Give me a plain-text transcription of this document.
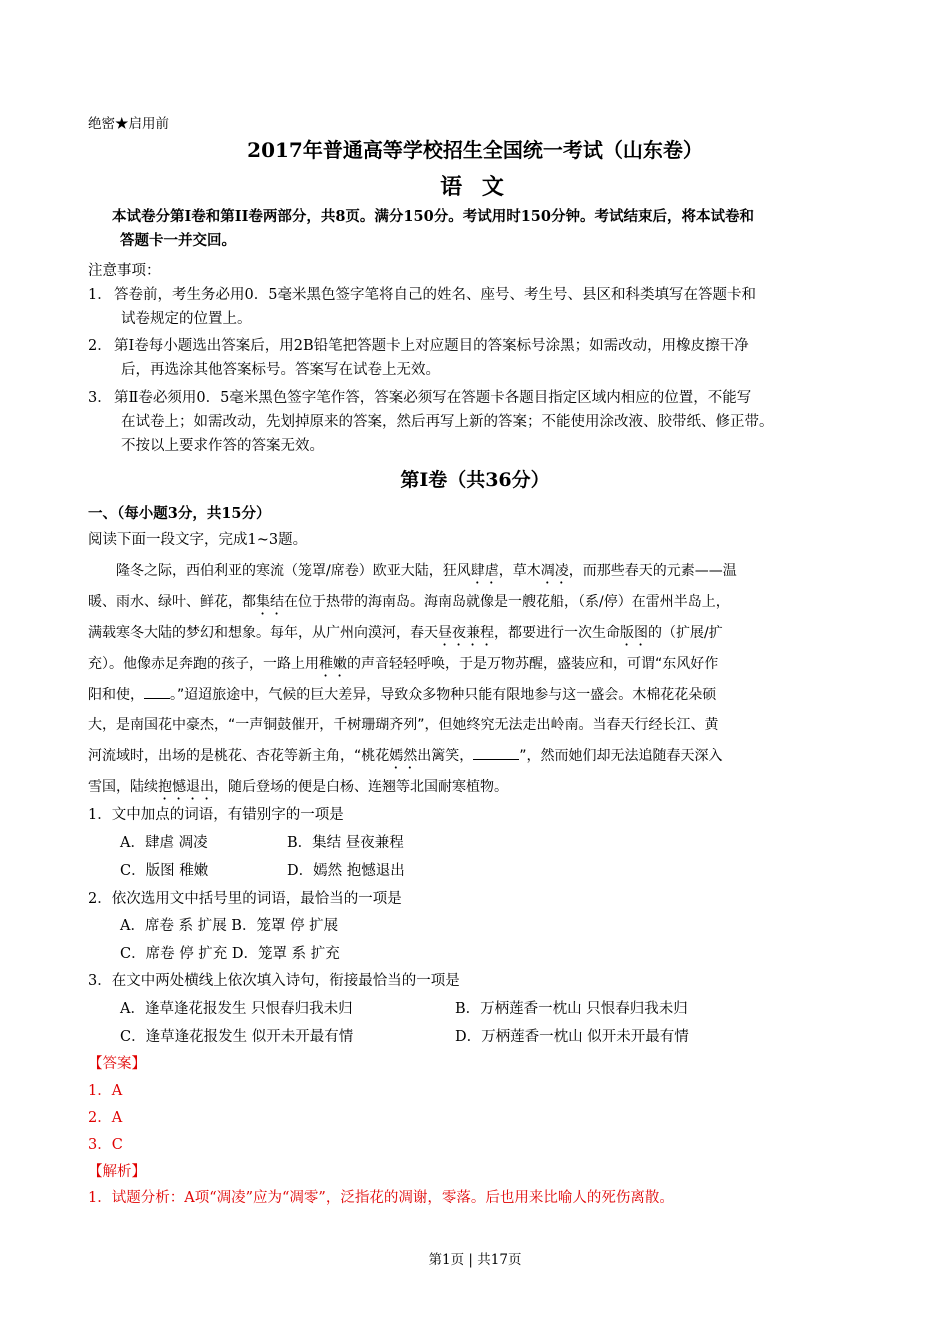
绝密★启用前
2017年普通高等学校招生全国统一考试（山东卷）
语 文
本试卷分第I卷和第II卷两部分，共8页。满分150分。考试用时150分钟。考试结束后，将本试卷和
答题卡一并交回。
注意事项：
1． 答卷前，考生务必用0．5毫米黑色签字笔将自己的姓名、座号、考生号、县区和科类填写在答题卡和
试卷规定的位置上。
2． 第Ⅰ卷每小题选出答案后，用2B铅笔把答题卡上对应题目的答案标号涂黑；如需改动，用橡皮擦干净
后，再选涂其他答案标号。答案写在试卷上无效。
3． 第Ⅱ卷必须用0．5毫米黑色签字笔作答，答案必须写在答题卡各题目指定区域内相应的位置，不能写
在试卷上；如需改动，先划掉原来的答案，然后再写上新的答案；不能使用涂改液、胶带纸、修正带。
不按以上要求作答的答案无效。
第I卷（共36分）
一、（每小题3分，共15分）
阅读下面一段文字，完成1~3题。
隆冬之际，西伯利亚的寒流（笼罩/席卷）欧亚大陆，狂风肆虐，草木凋凌，而那些春天的元素——温
暖、雨水、绿叶、鲜花，都集结在位于热带的海南岛。海南岛就像是一艘花船，（系/停）在雷州半岛上，
满载寒冬大陆的梦幻和想象。每年，从广州向漠河，春天昼夜兼程，都要进行一次生命版图的（扩展/扩
充）。他像赤足奔跑的孩子，一路上用稚嫩的声音轻轻呼唤，于是万物苏醒，盛装应和，可谓“东风好作
阳和使， 。”迢迢旅途中，气候的巨大差异，导致众多物种只能有限地参与这一盛会。木棉花花朵硕
大，是南国花中豪杰，“一声铜鼓催开，千树珊瑚齐列”，但她终究无法走出岭南。当春天行经长江、黄
河流域时，出场的是桃花、杏花等新主角，“桃花嫣然出篱笑，	”，然而她们却无法追随春天深入
雪国，陆续抱憾退出，随后登场的便是白杨、连翘等北国耐寒植物。
1．文中加点的词语，有错别字的一项是
A．肆虐 凋凌	B．集结 昼夜兼程
C．版图 稚嫩	D．嫣然 抱憾退出
2．依次选用文中括号里的词语，最恰当的一项是
A．席卷 系 扩展 B．笼罩 停 扩展
C．席卷 停 扩充 D．笼罩 系 扩充
3．在文中两处横线上依次填入诗句，衔接最恰当的一项是
A．逢草逢花报发生 只恨春归我未归	B．万柄莲香一枕山 只恨春归我未归
C．逢草逢花报发生 似开未开最有情	D．万柄莲香一枕山 似开未开最有情
【答案】
1．A
2．A
3．C
【解析】
1．试题分析：A项“凋凌”应为“凋零”，泛指花的凋谢，零落。后也用来比喻人的死伤离散。
第1页 | 共17页
